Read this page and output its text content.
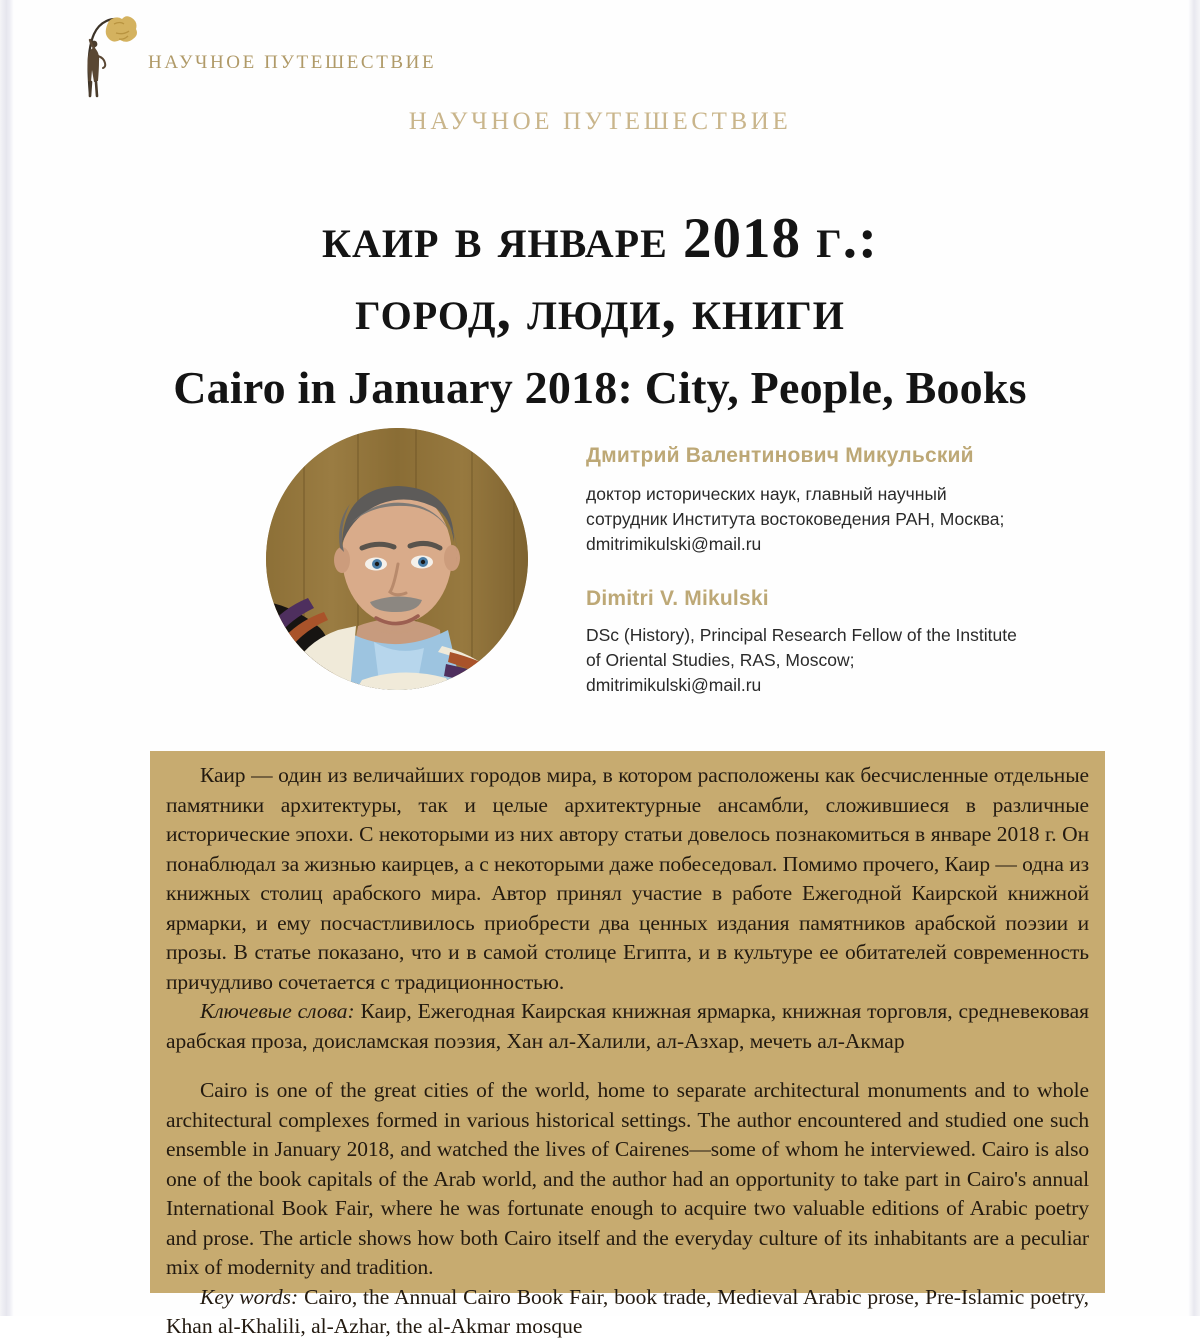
НАУЧНОЕ ПУТЕШЕСТВИЕ
НАУЧНОЕ ПУТЕШЕСТВИЕ
каир в январе 2018 г.:
город, люди, книги
Cairo in January 2018: City, People, Books
Дмитрий Валентинович Микульский

доктор исторических наук, главный научный
сотрудник Института востоковедения РАН, Москва;
dmitrimikulski@mail.ru

Dimitri V. Mikulski

DSc (History), Principal Research Fellow of the Institute
of Oriental Studies, RAS, Moscow;
dmitrimikulski@mail.ru

Каир — один из величайших городов мира, в котором расположены как бесчисленные отдельные памятники архитектуры, так и целые архитектурные ансамбли, сложившиеся в различные исторические эпохи. С некоторыми из них автору статьи довелось познакомиться в январе 2018 г. Он понаблюдал за жизнью каирцев, а с некоторыми даже побеседовал. Помимо прочего, Каир — одна из книжных столиц арабского мира. Автор принял участие в работе Ежегодной Каирской книжной ярмарки, и ему посчастливилось приобрести два ценных издания памятников арабской поэзии и прозы. В статье показано, что и в самой столице Египта, и в культуре ее обитателей современность причудливо сочетается с традиционностью.

Ключевые слова: Каир, Ежегодная Каирская книжная ярмарка, книжная торговля, средневековая арабская проза, доисламская поэзия, Хан ал-Халили, ал-Азхар, мечеть ал-Акмар

Cairo is one of the great cities of the world, home to separate architectural monuments and to whole architectural complexes formed in various historical settings. The author encountered and studied one such ensemble in January 2018, and watched the lives of Cairenes—some of whom he interviewed. Cairo is also one of the book capitals of the Arab world, and the author had an opportunity to take part in Cairo's annual International Book Fair, where he was fortunate enough to acquire two valuable editions of Arabic poetry and prose. The article shows how both Cairo itself and the everyday culture of its inhabitants are a peculiar mix of modernity and tradition.

Key words: Cairo, the Annual Cairo Book Fair, book trade, Medieval Arabic prose, Pre-Islamic poetry, Khan al-Khalili, al-Azhar, the al-Akmar mosque
